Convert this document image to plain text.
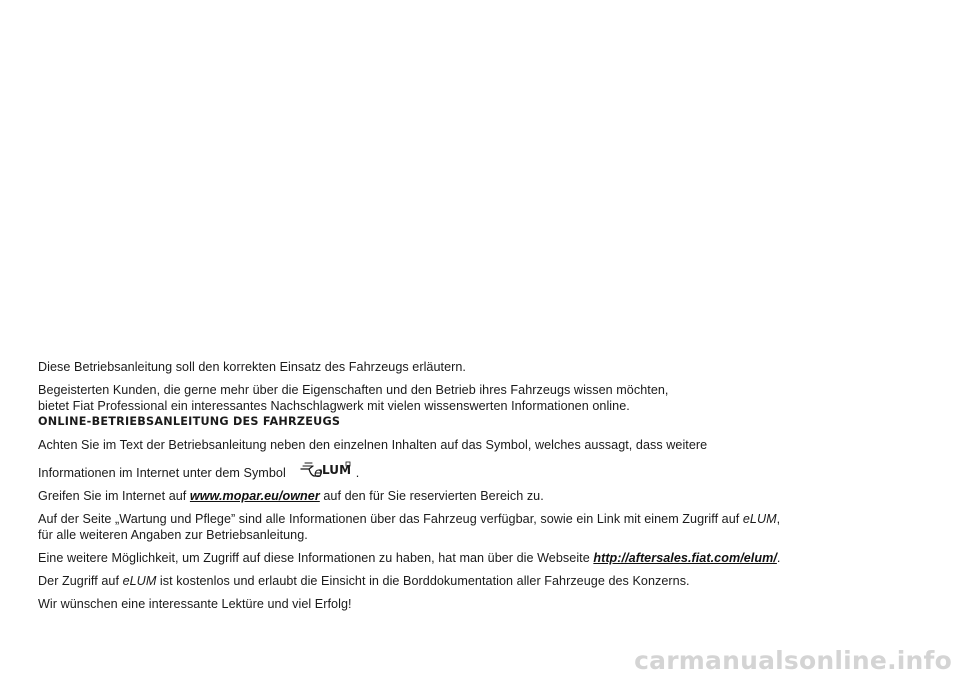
Diese Betriebsanleitung soll den korrekten Einsatz des Fahrzeugs erläutern.

Begeisterten Kunden, die gerne mehr über die Eigenschaften und den Betrieb ihres Fahrzeugs wissen möchten,

bietet Fiat Professional ein interessantes Nachschlagwerk mit vielen wissenswerten Informationen online.

ONLINE-BETRIEBSANLEITUNG DES FAHRZEUGS

Achten Sie im Text der Betriebsanleitung neben den einzelnen Inhalten auf das Symbol, welches aussagt, dass weitere

Informationen im Internet unter dem Symbol e LUM .

Greifen Sie im Internet auf www.mopar.eu/owner auf den für Sie reservierten Bereich zu.

Auf der Seite „Wartung und Pflege” sind alle Informationen über das Fahrzeug verfügbar, sowie ein Link mit einem Zugriff auf eLUM,

für alle weiteren Angaben zur Betriebsanleitung.

Eine weitere Möglichkeit, um Zugriff auf diese Informationen zu haben, hat man über die Webseite http://aftersales.fiat.com/elum/.

Der Zugriff auf eLUM ist kostenlos und erlaubt die Einsicht in die Borddokumentation aller Fahrzeuge des Konzerns.

Wir wünschen eine interessante Lektüre und viel Erfolg!

carmanualsonline.info
